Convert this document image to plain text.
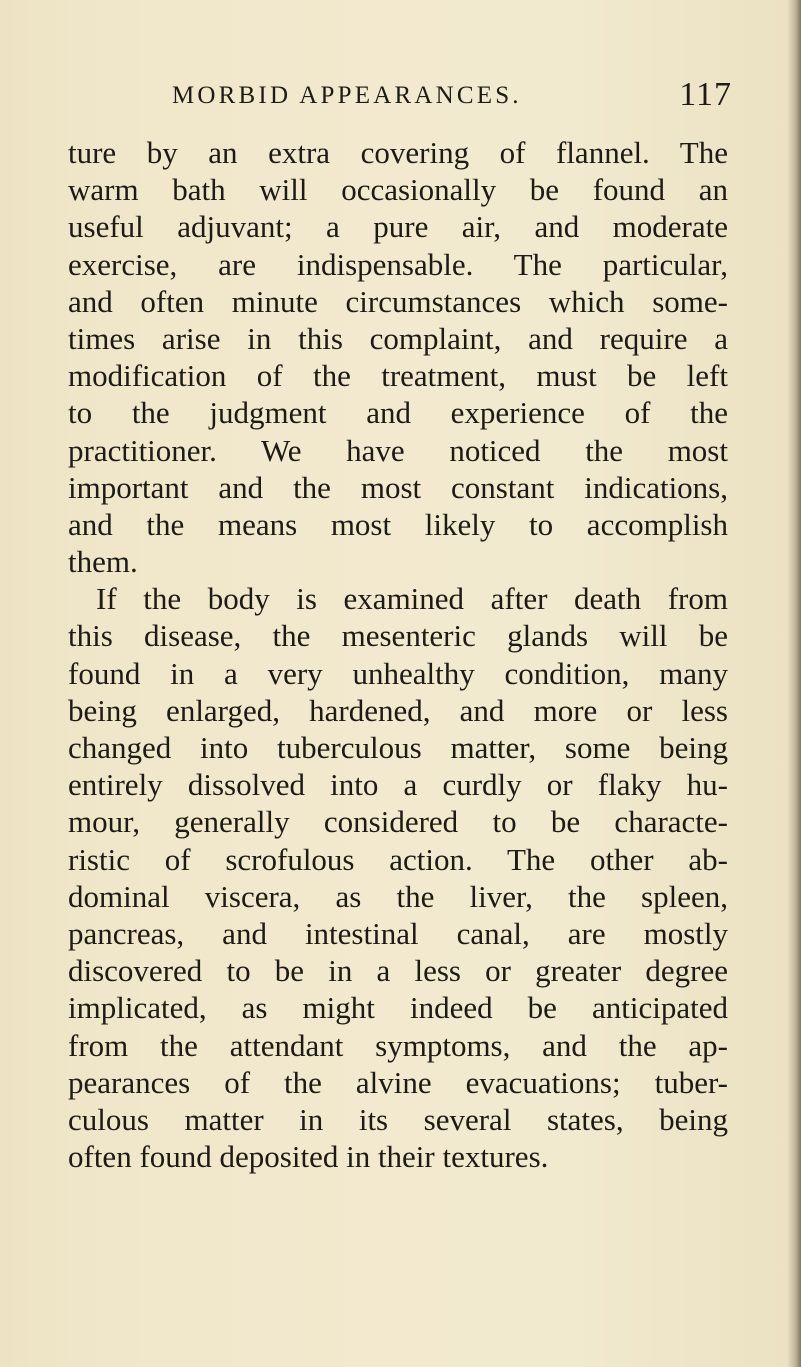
MORBID APPEARANCES.	117
ture by an extra covering of flannel. The
warm bath will occasionally be found an
useful adjuvant; a pure air, and moderate
exercise, are indispensable. The particular,
and often minute circumstances which some-
times arise in this complaint, and require a
modification of the treatment, must be left
to the judgment and experience of the
practitioner. We have noticed the most
important and the most constant indications,
and the means most likely to accomplish
them.
If the body is examined after death from
this disease, the mesenteric glands will be
found in a very unhealthy condition, many
being enlarged, hardened, and more or less
changed into tuberculous matter, some being
entirely dissolved into a curdly or flaky hu-
mour, generally considered to be characte-
ristic of scrofulous action. The other ab-
dominal viscera, as the liver, the spleen,
pancreas, and intestinal canal, are mostly
discovered to be in a less or greater degree
implicated, as might indeed be anticipated
from the attendant symptoms, and the ap-
pearances of the alvine evacuations; tuber-
culous matter in its several states, being
often found deposited in their textures.
